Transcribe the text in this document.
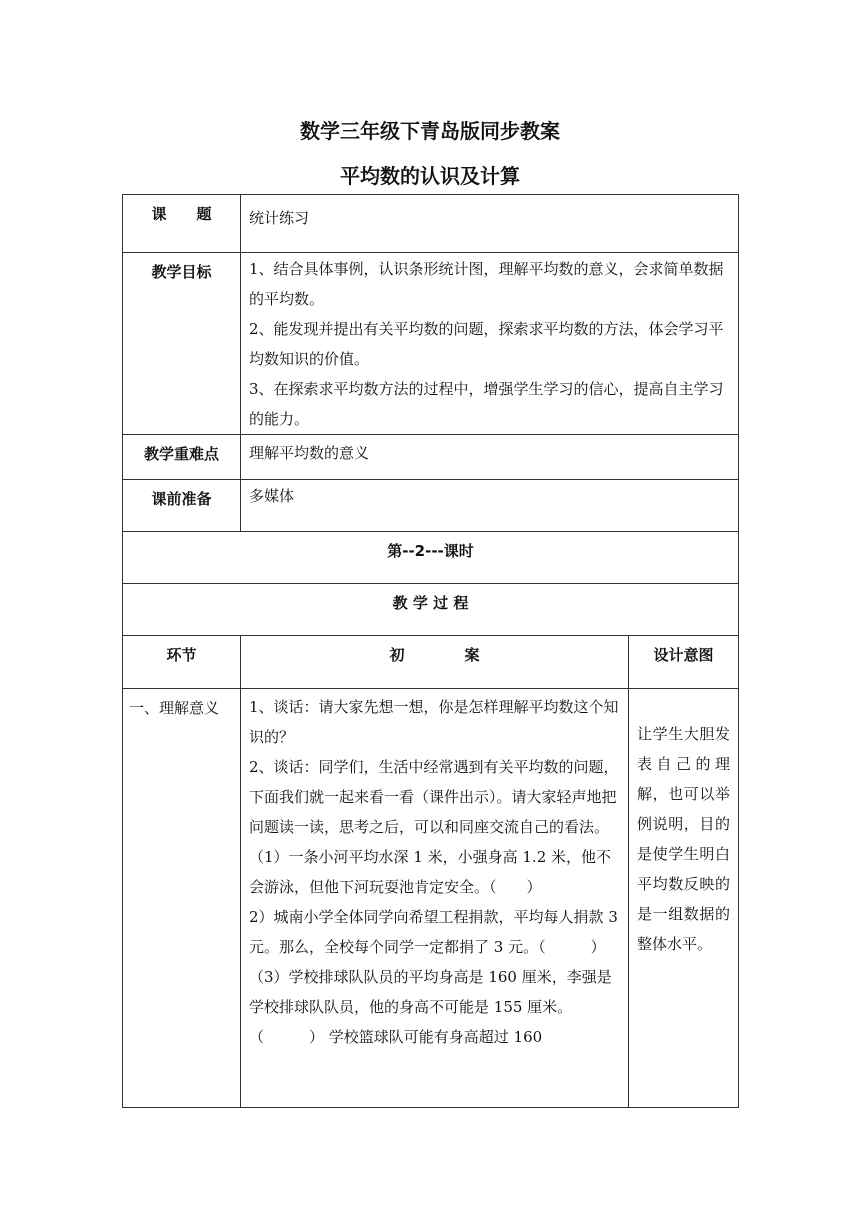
数学三年级下青岛版同步教案
平均数的认识及计算
课　　题	统计练习	
教学目标	1、结合具体事例，认识条形统计图，理解平均数的意义，会求简单数据的平均数。
2、能发现并提出有关平均数的问题，探索求平均数的方法，体会学习平均数知识的价值。
3、在探索求平均数方法的过程中，增强学生学习的信心，提高自主学习的能力。	

教学重难点	理解平均数的意义	
课前准备	多媒体	
第--2---课时		
教 学 过 程		
环节	初　　　　案	设计意图
一、理解意义	1、谈话：请大家先想一想，你是怎样理解平均数这个知识的？
2、谈话：同学们，生活中经常遇到有关平均数的问题，下面我们就一起来看一看（课件出示）。请大家轻声地把问题读一读，思考之后，可以和同座交流自己的看法。
（1）一条小河平均水深 1 米，小强身高 1.2 米，他不会游泳，但他下河玩耍池肯定安全。（　　）
2）城南小学全体同学向希望工程捐款，平均每人捐款 3 元。那么，全校每个同学一定都捐了 3 元。（　　　）
（3）学校排球队队员的平均身高是 160 厘米，李强是学校排球队队员，他的身高不可能是 155 厘米。（　　　） 学校篮球队可能有身高超过 160	让学生大胆发表自己的理解，也可以举例说明，目的是使学生明白平均数反映的是一组数据的整体水平。
